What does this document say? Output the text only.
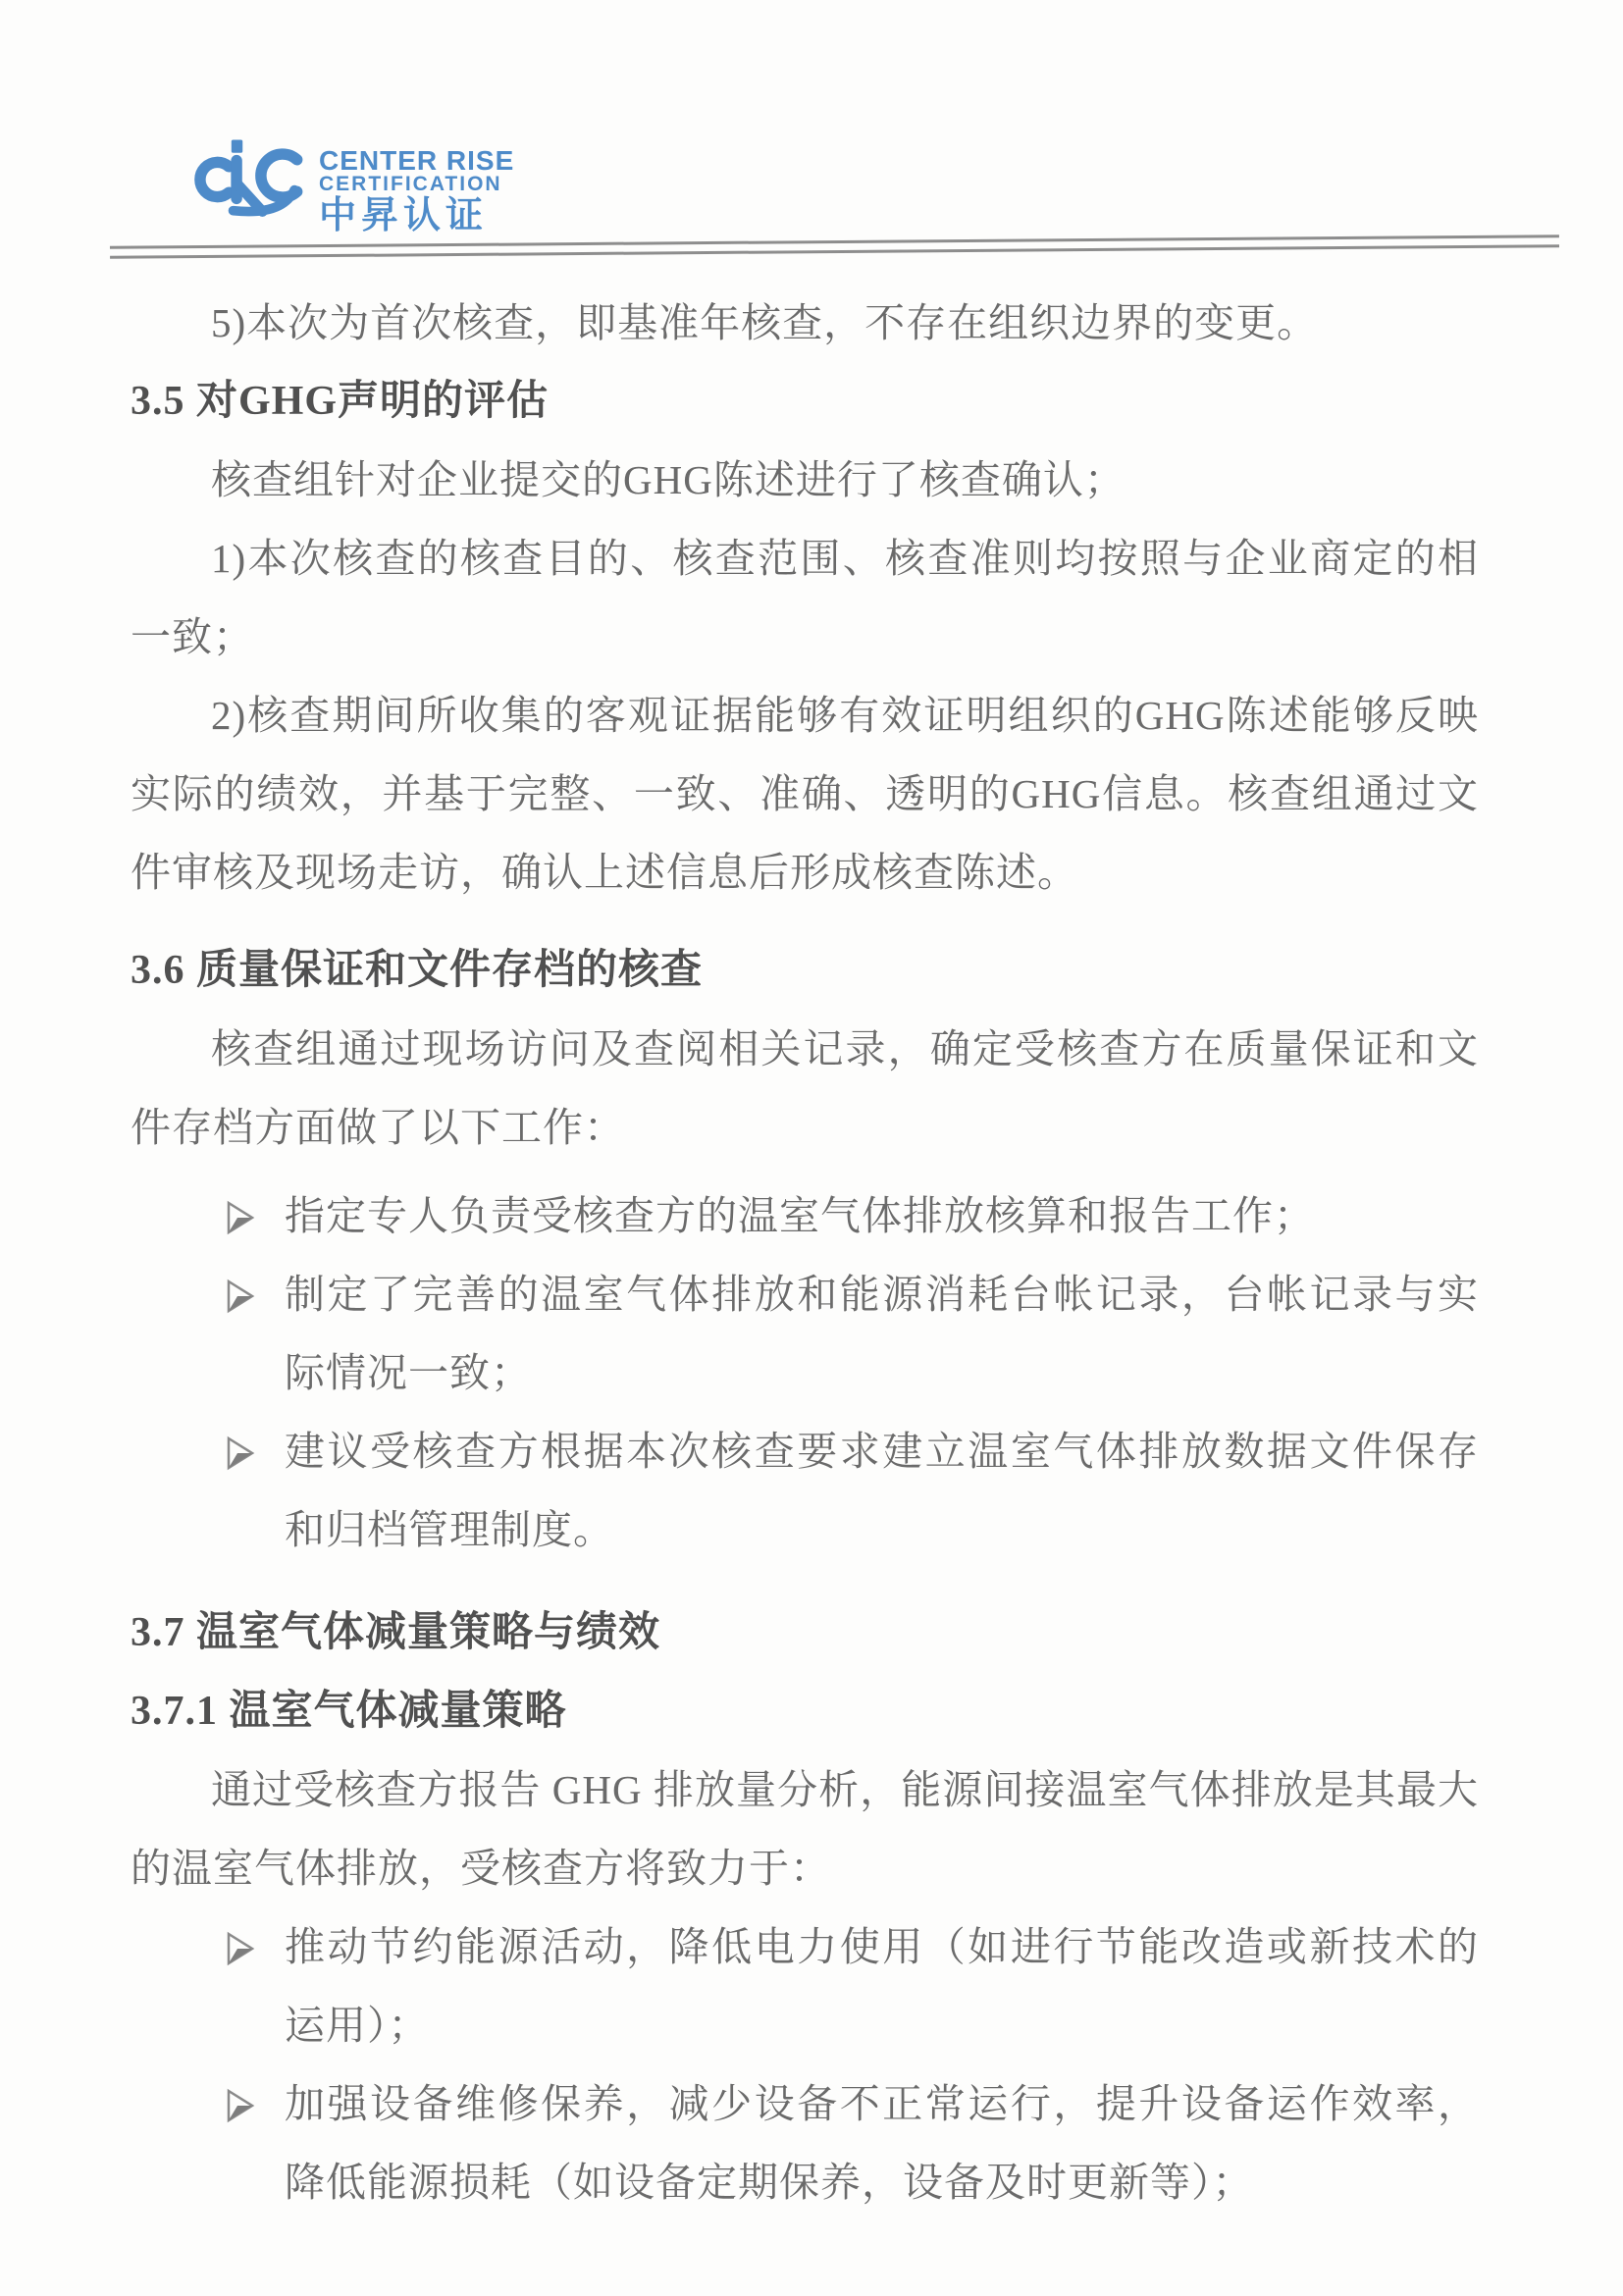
CENTER RISE
CERTIFICATION
中昇认证

5)本次为首次核查，即基准年核查，不存在组织边界的变更。

3.5 对GHG声明的评估

核查组针对企业提交的GHG陈述进行了核查确认；

1)本次核查的核查目的、核查范围、核查准则均按照与企业商定的相一致；

2)核查期间所收集的客观证据能够有效证明组织的GHG陈述能够反映实际的绩效，并基于完整、一致、准确、透明的GHG信息。核查组通过文件审核及现场走访，确认上述信息后形成核查陈述。

3.6 质量保证和文件存档的核查

核查组通过现场访问及查阅相关记录，确定受核查方在质量保证和文件存档方面做了以下工作：

指定专人负责受核查方的温室气体排放核算和报告工作；
制定了完善的温室气体排放和能源消耗台帐记录，台帐记录与实际情况一致；
建议受核查方根据本次核查要求建立温室气体排放数据文件保存和归档管理制度。
3.7 温室气体减量策略与绩效
3.7.1 温室气体减量策略

通过受核查方报告 GHG 排放量分析，能源间接温室气体排放是其最大的温室气体排放，受核查方将致力于：

推动节约能源活动，降低电力使用（如进行节能改造或新技术的运用）；
加强设备维修保养，减少设备不正常运行，提升设备运作效率，降低能源损耗（如设备定期保养，设备及时更新等）；
